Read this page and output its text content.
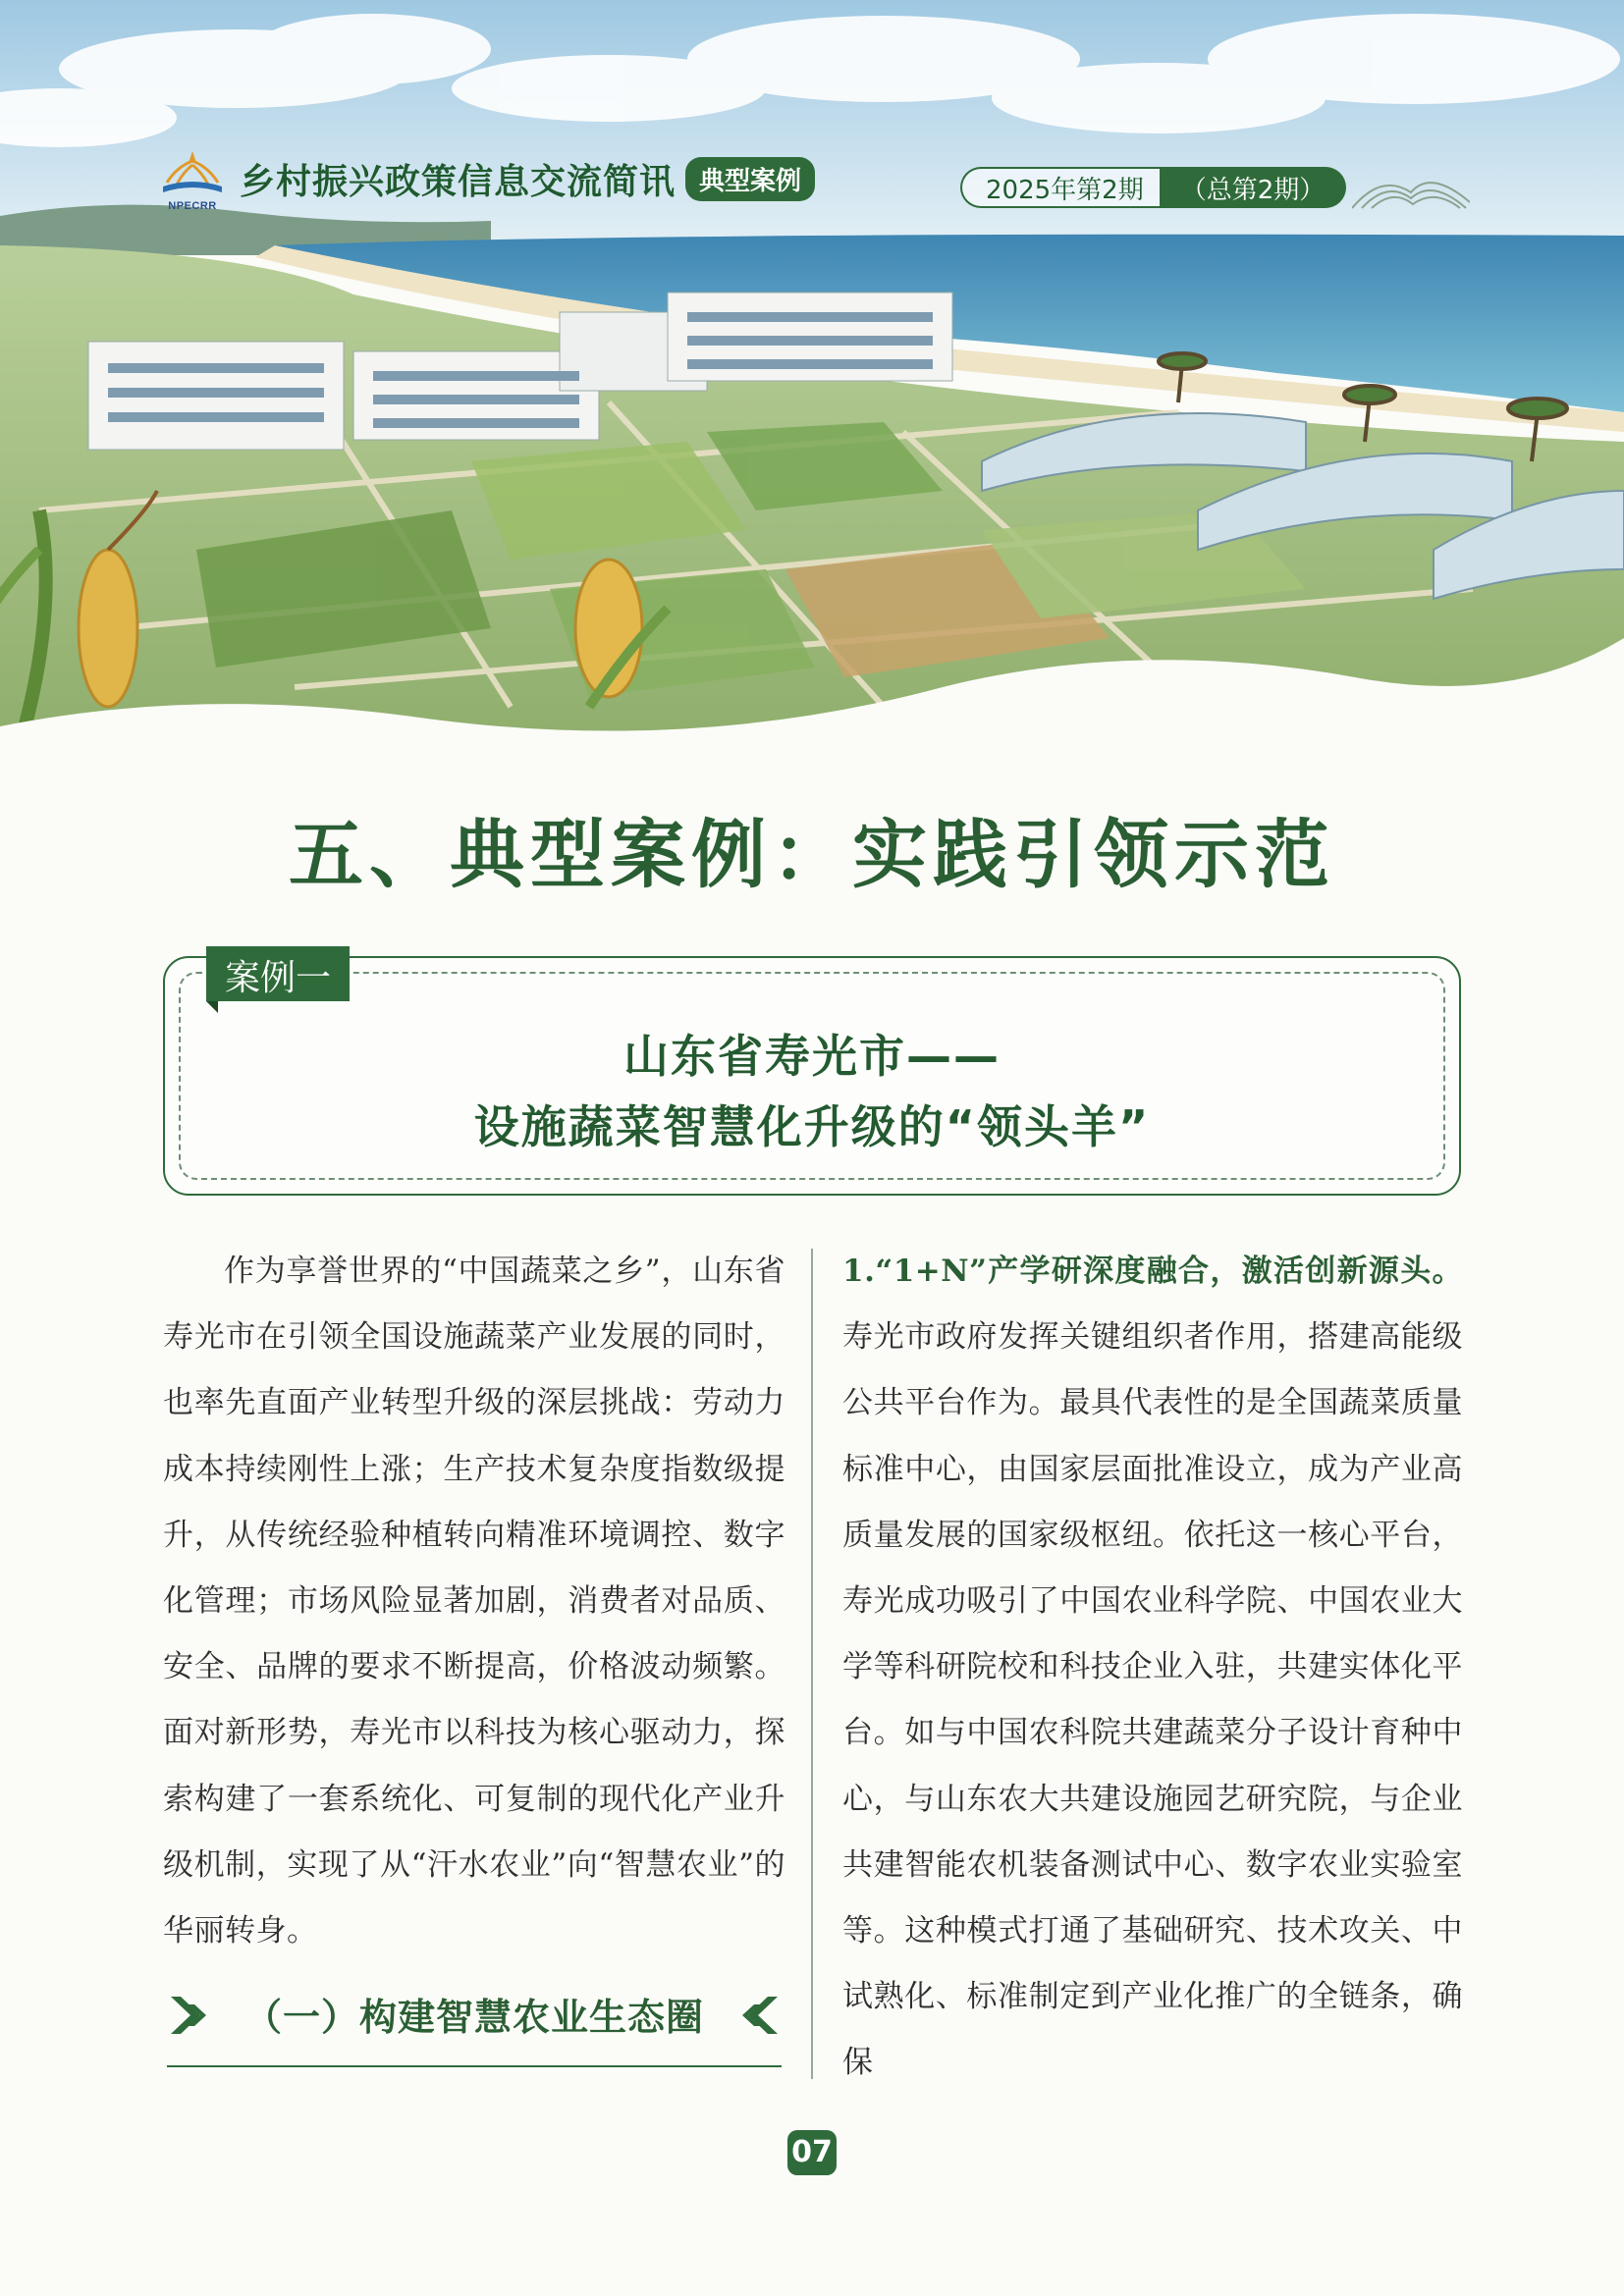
NPECRR
乡村振兴政策信息交流简讯 典型案例	2025年第2期	（总第2期）
五、典型案例：实践引领示范
案例一
山东省寿光市——
设施蔬菜智慧化升级的“领头羊”
作为享誉世界的“中国蔬菜之乡”，山东省寿光市在引领全国设施蔬菜产业发展的同时，也率先直面产业转型升级的深层挑战：劳动力成本持续刚性上涨；生产技术复杂度指数级提升，从传统经验种植转向精准环境调控、数字化管理；市场风险显著加剧，消费者对品质、安全、品牌的要求不断提高，价格波动频繁。面对新形势，寿光市以科技为核心驱动力，探索构建了一套系统化、可复制的现代化产业升级机制，实现了从“汗水农业”向“智慧农业”的华丽转身。
（一）构建智慧农业生态圈
1.“1+N”产学研深度融合，激活创新源头。寿光市政府发挥关键组织者作用，搭建高能级公共平台作为。最具代表性的是全国蔬菜质量标准中心，由国家层面批准设立，成为产业高质量发展的国家级枢纽。依托这一核心平台，寿光成功吸引了中国农业科学院、中国农业大学等科研院校和科技企业入驻，共建实体化平台。如与中国农科院共建蔬菜分子设计育种中心，与山东农大共建设施园艺研究院，与企业共建智能农机装备测试中心、数字农业实验室等。这种模式打通了基础研究、技术攻关、中试熟化、标准制定到产业化推广的全链条，确保
07
